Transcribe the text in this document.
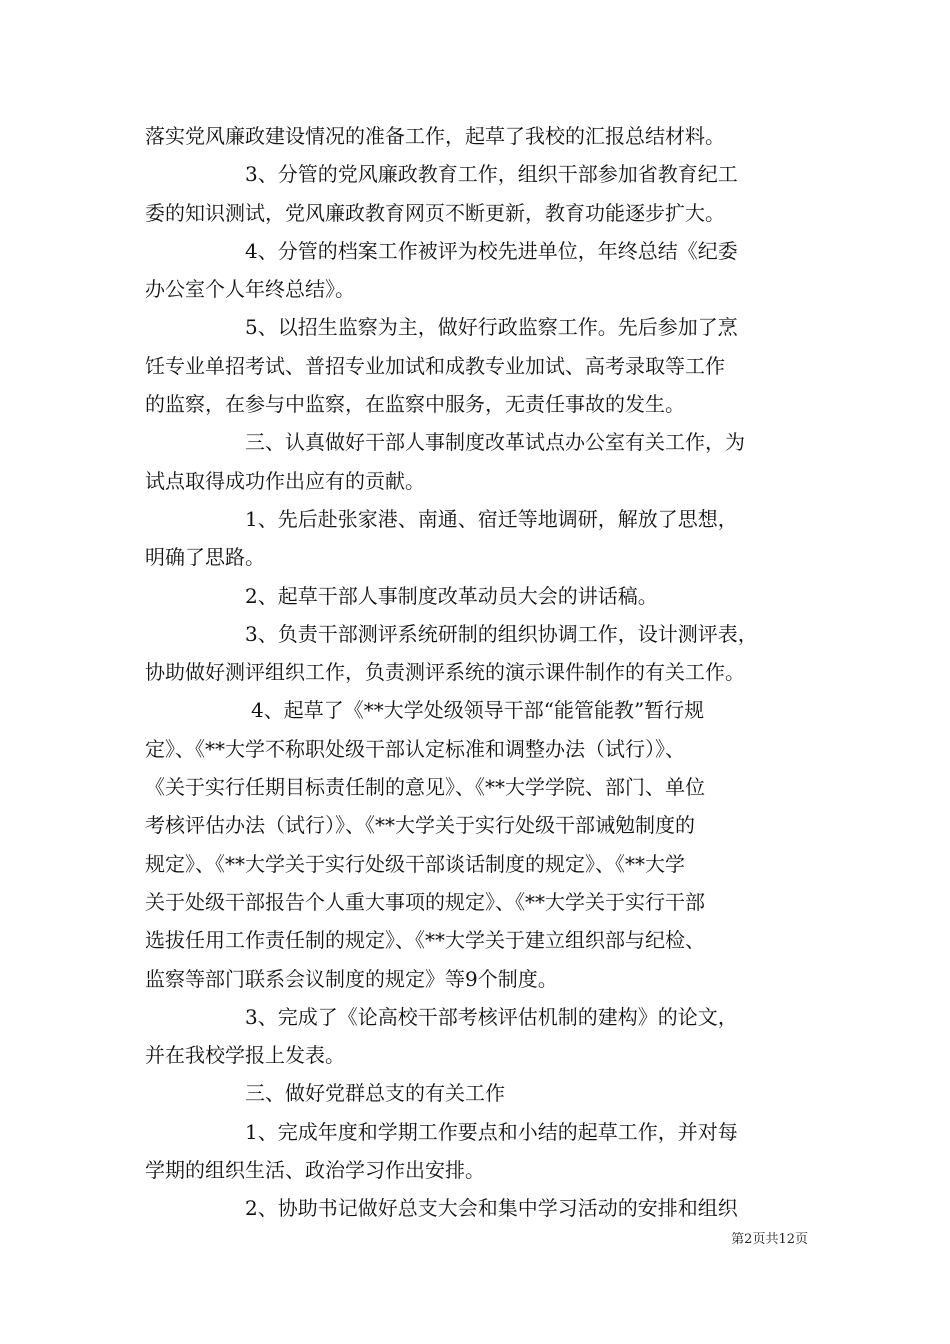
落实党风廉政建设情况的准备工作，起草了我校的汇报总结材料。
3、分管的党风廉政教育工作，组织干部参加省教育纪工
委的知识测试，党风廉政教育网页不断更新，教育功能逐步扩大。
4、分管的档案工作被评为校先进单位，年终总结《纪委
办公室个人年终总结》。
5、以招生监察为主，做好行政监察工作。先后参加了烹
饪专业单招考试、普招专业加试和成教专业加试、高考录取等工作
的监察，在参与中监察，在监察中服务，无责任事故的发生。
三、认真做好干部人事制度改革试点办公室有关工作，为
试点取得成功作出应有的贡献。
1、先后赴张家港、南通、宿迁等地调研，解放了思想，
明确了思路。
2、起草干部人事制度改革动员大会的讲话稿。
3、负责干部测评系统研制的组织协调工作，设计测评表，
协助做好测评组织工作，负责测评系统的演示课件制作的有关工作。
4、起草了《**大学处级领导干部“能管能教”暂行规
定》、《**大学不称职处级干部认定标准和调整办法（试行）》、
《关于实行任期目标责任制的意见》、《**大学学院、部门、单位
考核评估办法（试行）》、《**大学关于实行处级干部诫勉制度的
规定》、《**大学关于实行处级干部谈话制度的规定》、《**大学
关于处级干部报告个人重大事项的规定》、《**大学关于实行干部
选拔任用工作责任制的规定》、《**大学关于建立组织部与纪检、
监察等部门联系会议制度的规定》等9个制度。
3、完成了《论高校干部考核评估机制的建构》的论文，
并在我校学报上发表。
三、做好党群总支的有关工作
1、完成年度和学期工作要点和小结的起草工作，并对每
学期的组织生活、政治学习作出安排。
2、协助书记做好总支大会和集中学习活动的安排和组织
第2页共12页
